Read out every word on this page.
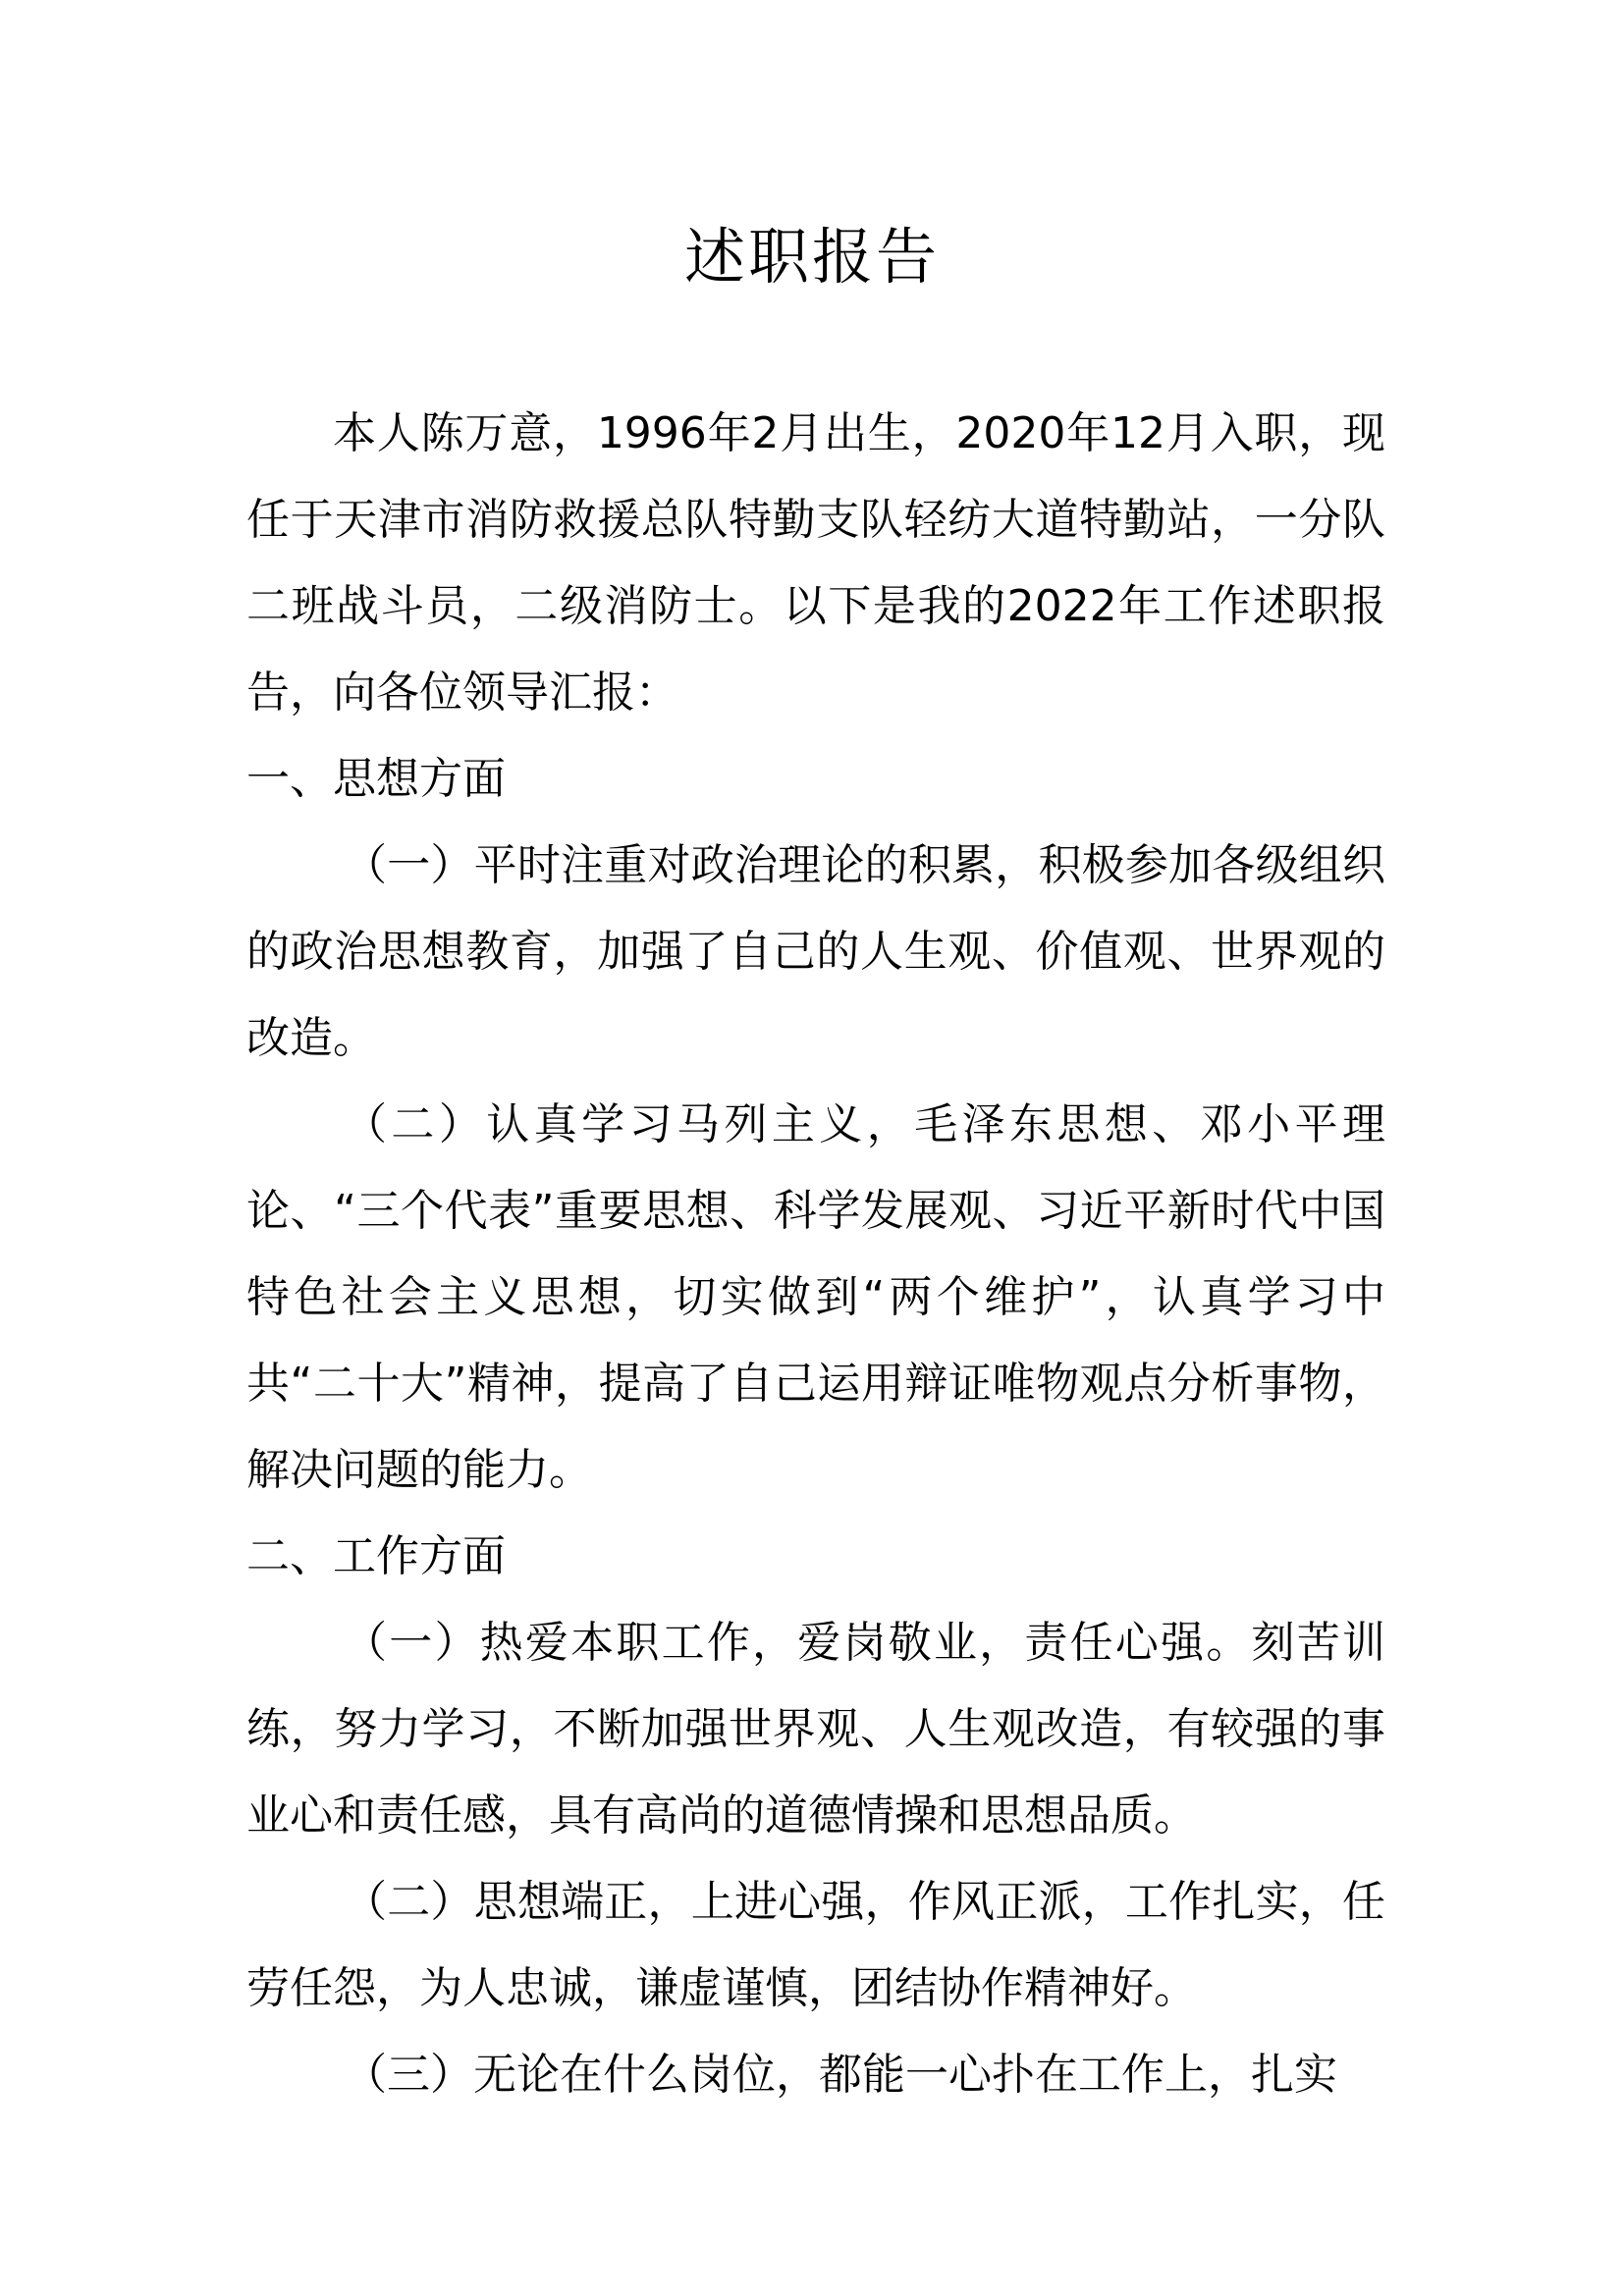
述职报告

本人陈万意，1996年2月出生，2020年12月入职，现任于天津市消防救援总队特勤支队轻纺大道特勤站，一分队二班战斗员，二级消防士。以下是我的2022年工作述职报告，向各位领导汇报：

一、思想方面

（一）平时注重对政治理论的积累，积极参加各级组织的政治思想教育，加强了自己的人生观、价值观、世界观的改造。

（二）认真学习马列主义，毛泽东思想、邓小平理论、“三个代表”重要思想、科学发展观、习近平新时代中国特色社会主义思想，切实做到“两个维护”，认真学习中共“二十大”精神，提高了自己运用辩证唯物观点分析事物，解决问题的能力。

二、工作方面

（一）热爱本职工作，爱岗敬业，责任心强。刻苦训练，努力学习，不断加强世界观、人生观改造，有较强的事业心和责任感，具有高尚的道德情操和思想品质。

（二）思想端正，上进心强，作风正派，工作扎实，任劳任怨，为人忠诚，谦虚谨慎，团结协作精神好。

（三）无论在什么岗位，都能一心扑在工作上，扎实
